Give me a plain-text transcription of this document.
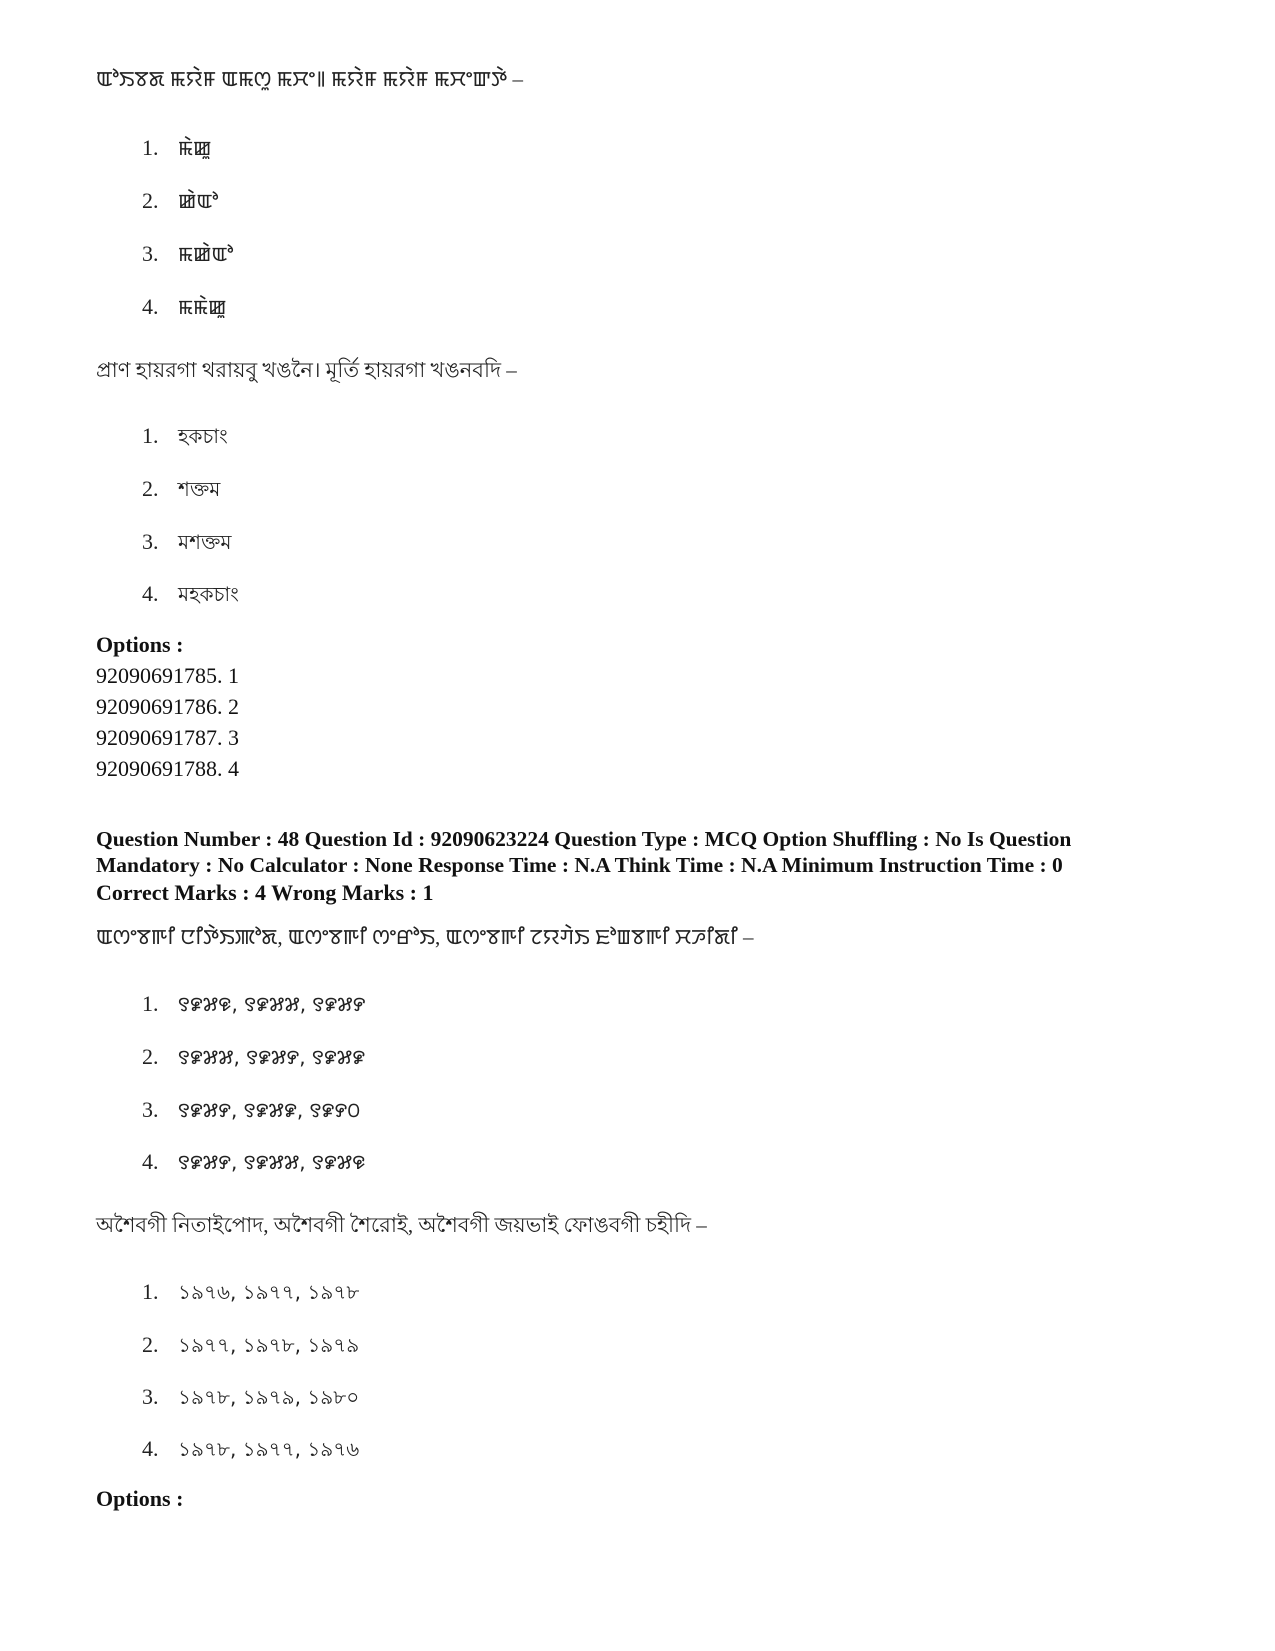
ꯑꯣꯏꯕꯗ ꯃꯌꯥꯝ ꯑꯃꯁꯨ ꯃꯆꯦ꯫ ꯃꯌꯥꯝ ꯃꯌꯥꯝ ꯃꯆꯦꯛꯇꯥ –
1. ꯃꯥꯀꯨ
2. ꯀꯥꯑꯣ
3. ꯃꯀꯥꯑꯣ
4. ꯃꯃꯥꯀꯨ
প্রাণ হায়রগা থরায়বু খঙনৈ। মূর্তি হায়রগা খঙনবদি –
1. হকচাং
2. শক্তম
3. মশক্তম
4. মহকচাং
Options :
92090691785. 1
92090691786. 2
92090691787. 3
92090691788. 4
Question Number : 48 Question Id : 92090623224 Question Type : MCQ Option Shuffling : No Is Question
Mandatory : No Calculator : None Response Time : N.A Think Time : N.A Minimum Instruction Time : 0
Correct Marks : 4 Wrong Marks : 1
ꯑꯁꯦꯕꯒꯤ ꯅꯤꯇꯥꯏꯄꯣꯗ, ꯑꯁꯦꯕꯒꯤ ꯁꯦꯔꯣꯏ, ꯑꯁꯦꯕꯒꯤ ꯖꯌꯚꯥꯏ ꯐꯣꯡꯕꯒꯤ ꯆꯍꯤꯗꯤ –
1. ꯱꯹꯷꯶, ꯱꯹꯷꯷, ꯱꯹꯷꯸
2. ꯱꯹꯷꯷, ꯱꯹꯷꯸, ꯱꯹꯷꯹
3. ꯱꯹꯷꯸, ꯱꯹꯷꯹, ꯱꯹꯸꯰
4. ꯱꯹꯷꯸, ꯱꯹꯷꯷, ꯱꯹꯷꯶
অশৈবগী নিতাইপোদ, অশৈবগী শৈরোই, অশৈবগী জয়ভাই ফোঙবগী চহীদি –
1. ১৯৭৬, ১৯৭৭, ১৯৭৮
2. ১৯৭৭, ১৯৭৮, ১৯৭৯
3. ১৯৭৮, ১৯৭৯, ১৯৮০
4. ১৯৭৮, ১৯৭৭, ১৯৭৬
Options :
